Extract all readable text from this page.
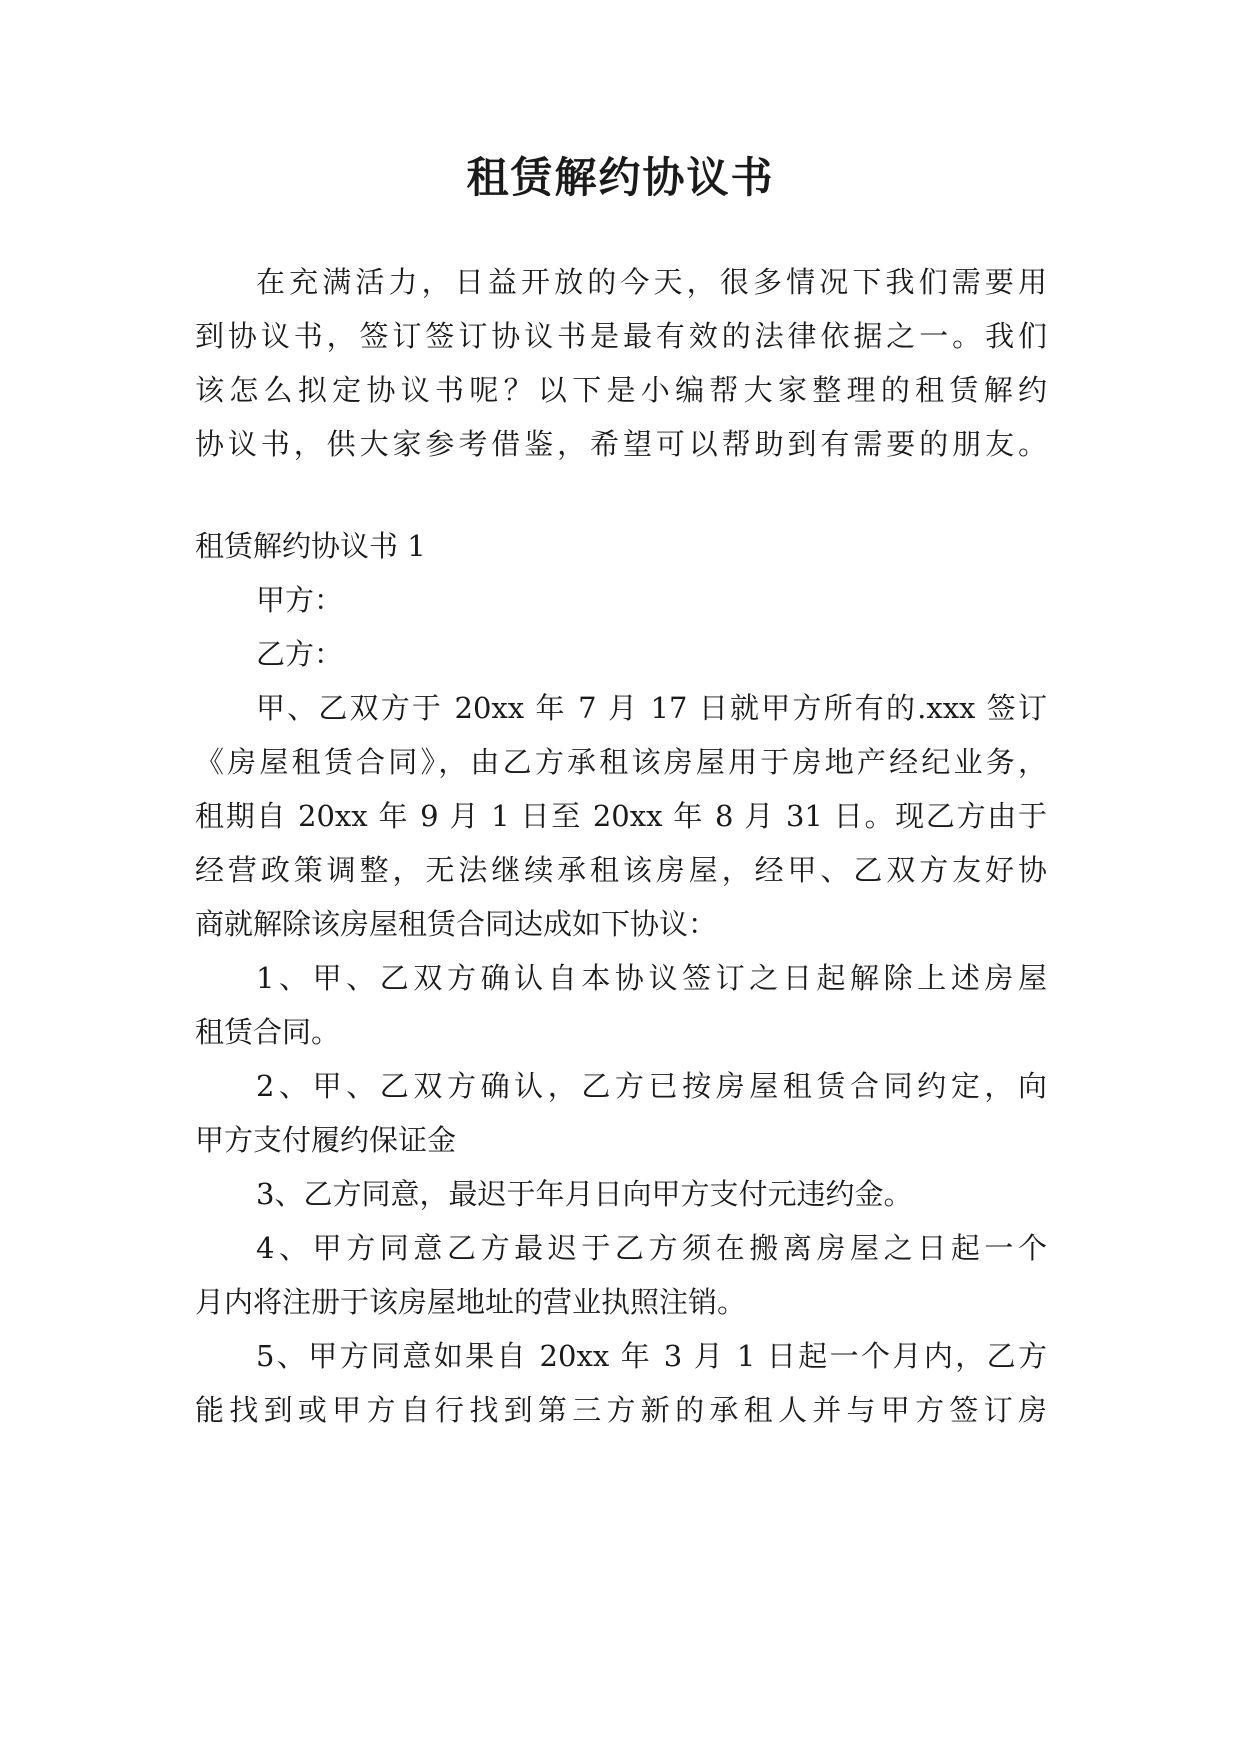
租赁解约协议书
在充满活力，日益开放的今天，很多情况下我们需要用
到协议书，签订签订协议书是最有效的法律依据之一。我们
该怎么拟定协议书呢？以下是小编帮大家整理的租赁解约
协议书，供大家参考借鉴，希望可以帮助到有需要的朋友。
租赁解约协议书 1
甲方：
乙方：
甲、乙双方于 20xx 年 7 月 17 日就甲方所有的.xxx 签订
《房屋租赁合同》，由乙方承租该房屋用于房地产经纪业务，
租期自 20xx 年 9 月 1 日至 20xx 年 8 月 31 日。现乙方由于
经营政策调整，无法继续承租该房屋，经甲、乙双方友好协
商就解除该房屋租赁合同达成如下协议：
1、甲、乙双方确认自本协议签订之日起解除上述房屋
租赁合同。
2、甲、乙双方确认，乙方已按房屋租赁合同约定，向
甲方支付履约保证金
3、乙方同意，最迟于年月日向甲方支付元违约金。
4、甲方同意乙方最迟于乙方须在搬离房屋之日起一个
月内将注册于该房屋地址的营业执照注销。
5、甲方同意如果自 20xx 年 3 月 1 日起一个月内，乙方
能找到或甲方自行找到第三方新的承租人并与甲方签订房
